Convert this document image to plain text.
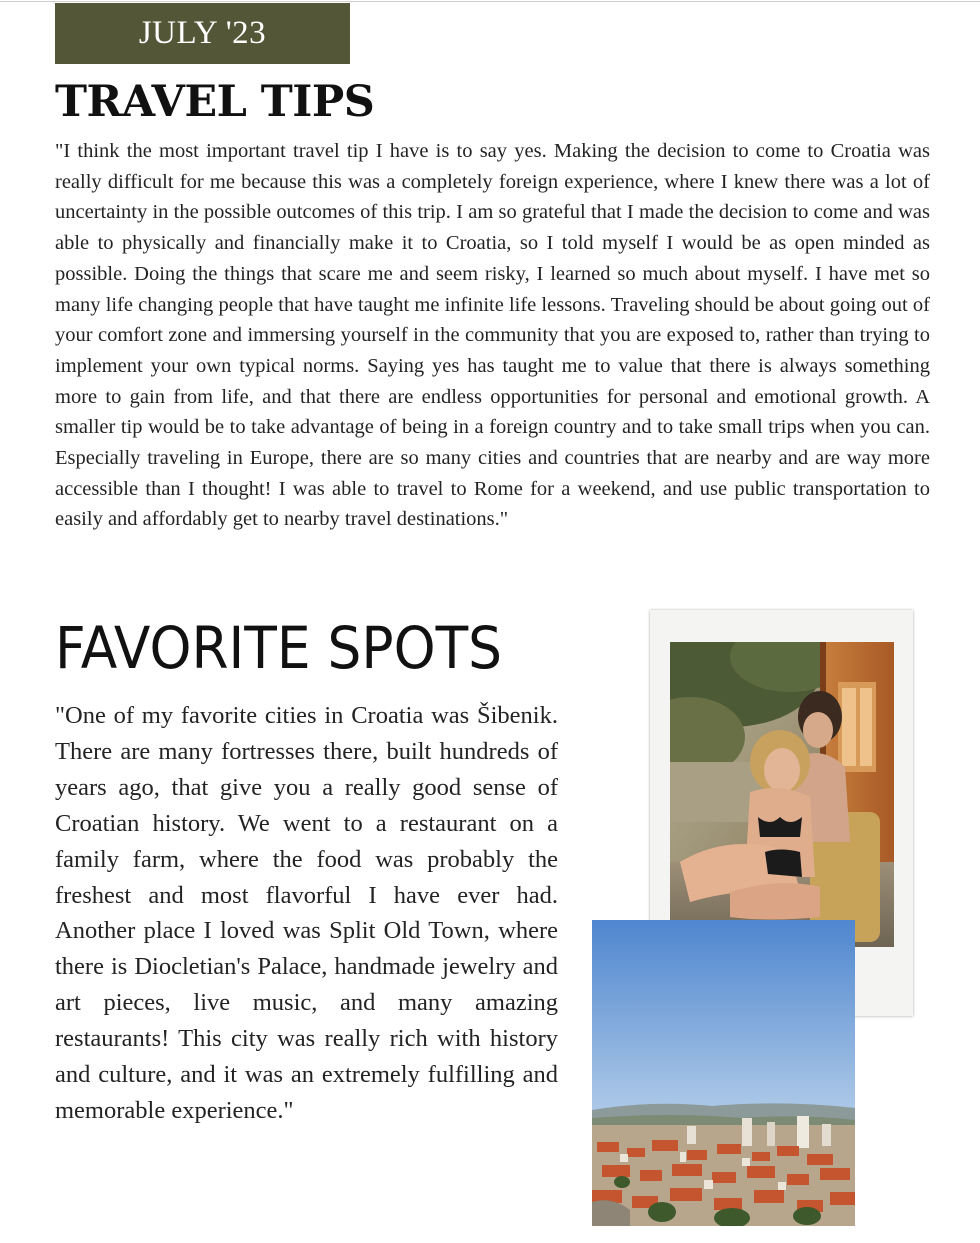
JULY '23
TRAVEL TIPS

"I think the most important travel tip I have is to say yes. Making the decision to come to Croatia was really difficult for me because this was a completely foreign experience, where I knew there was a lot of uncertainty in the possible outcomes of this trip. I am so grateful that I made the decision to come and was able to physically and financially make it to Croatia, so I told myself I would be as open minded as possible. Doing the things that scare me and seem risky, I learned so much about myself. I have met so many life changing people that have taught me infinite life lessons. Traveling should be about going out of your comfort zone and immersing yourself in the community that you are exposed to, rather than trying to implement your own typical norms. Saying yes has taught me to value that there is always something more to gain from life, and that there are endless opportunities for personal and emotional growth. A smaller tip would be to take advantage of being in a foreign country and to take small trips when you can. Especially traveling in Europe, there are so many cities and countries that are nearby and are way more accessible than I thought! I was able to travel to Rome for a weekend, and use public transportation to easily and affordably get to nearby travel destinations."

FAVORITE SPOTS

"One of my favorite cities in Croatia was Šibenik. There are many fortresses there, built hundreds of years ago, that give you a really good sense of Croatian history. We went to a restaurant on a family farm, where the food was probably the freshest and most flavorful I have ever had. Another place I loved was Split Old Town, where there is Diocletian's Palace, handmade jewelry and art pieces, live music, and many amazing restaurants! This city was really rich with history and culture, and it was an extremely fulfilling and memorable experience."
